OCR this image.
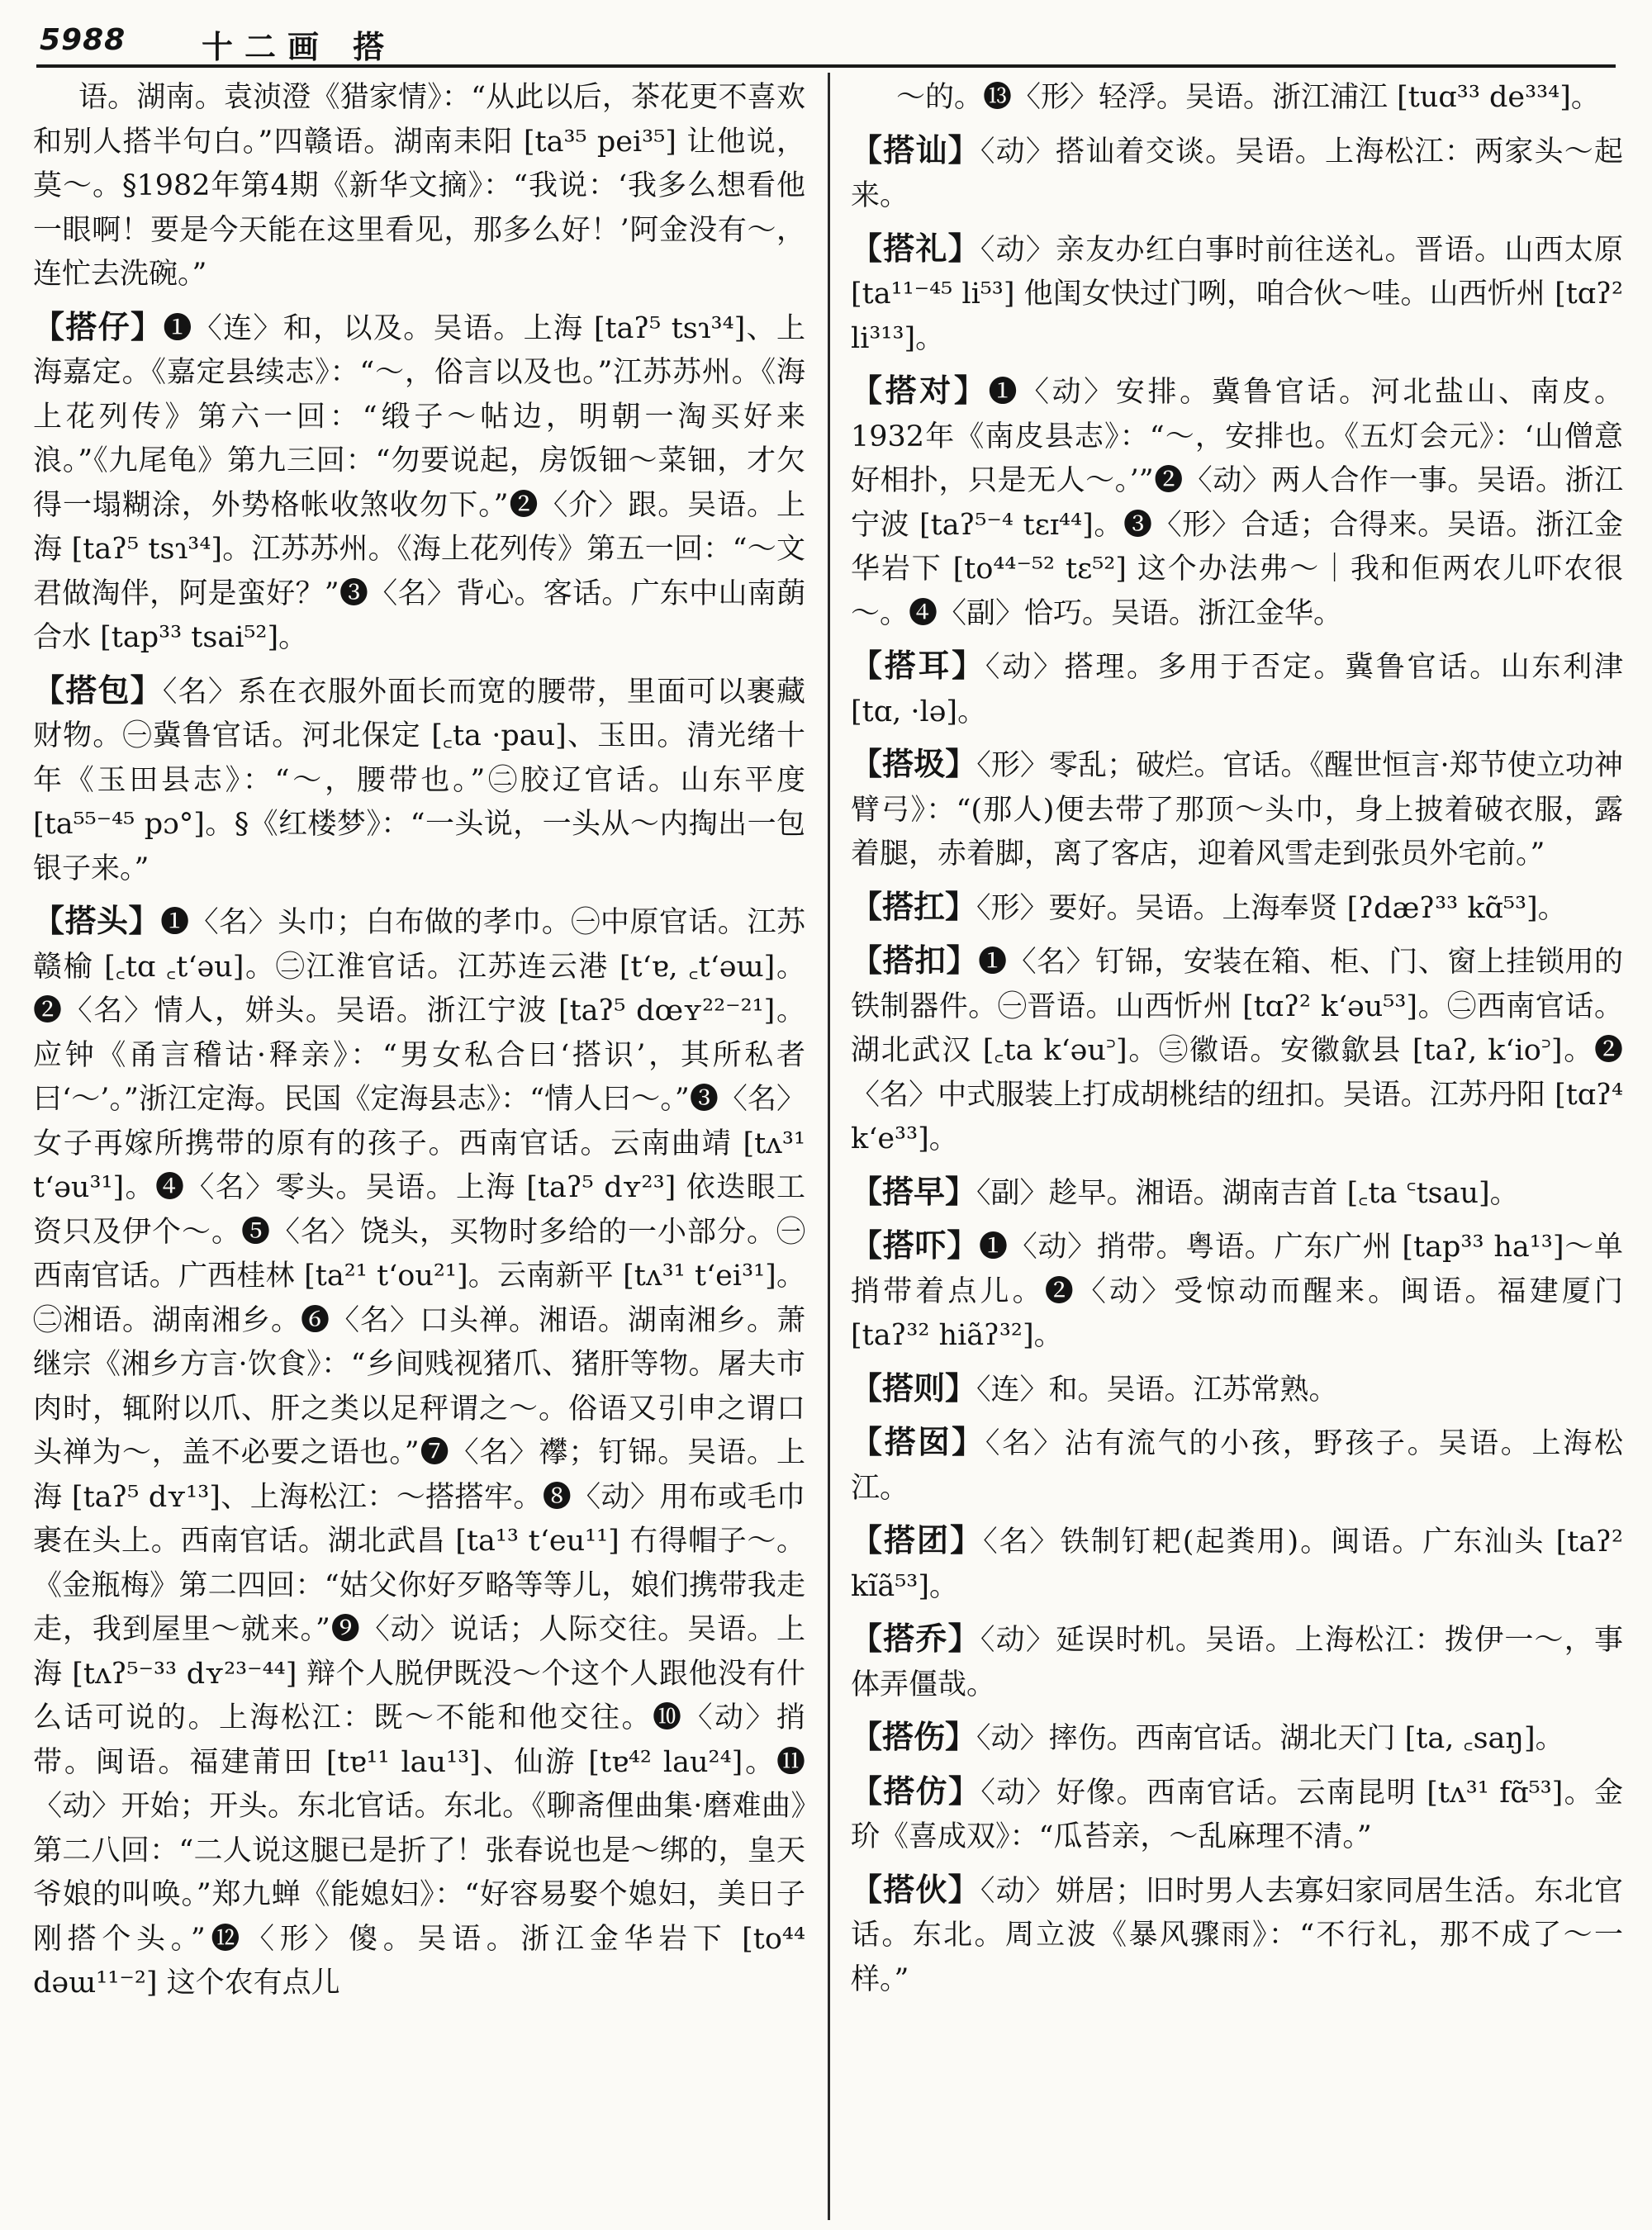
5988 十二画 搭
语。湖南。袁浈澄《猎家情》：“从此以后，茶花更不喜欢和别人搭半句白。”四赣语。湖南耒阳 [ta³⁵ pei³⁵] 让他说，莫～。§1982年第4期《新华文摘》：“我说：‘我多么想看他一眼啊！要是今天能在这里看见，那多么好！’阿金没有～，连忙去洗碗。”
【搭仔】❶〈连〉和，以及。吴语。上海 [taʔ⁵ tsɿ³⁴]、上海嘉定。《嘉定县续志》：“～，俗言以及也。”江苏苏州。《海上花列传》第六一回：“缎子～帖边，明朝一淘买好来浪。”《九尾龟》第九三回：“勿要说起，房饭钿～菜钿，才欠得一塌糊涂，外势格帐收煞收勿下。”❷〈介〉跟。吴语。上海 [taʔ⁵ tsɿ³⁴]。江苏苏州。《海上花列传》第五一回：“～文君做淘伴，阿是蛮好？”❸〈名〉背心。客话。广东中山南蓢合水 [tap³³ tsai⁵²]。
【搭包】〈名〉系在衣服外面长而宽的腰带，里面可以裹藏财物。㊀冀鲁官话。河北保定 [꜀ta ·pau]、玉田。清光绪十年《玉田县志》：“～，腰带也。”㊁胶辽官话。山东平度 [ta⁵⁵⁻⁴⁵ pɔ°]。§《红楼梦》：“一头说，一头从～内掏出一包银子来。”
【搭头】❶〈名〉头巾；白布做的孝巾。㊀中原官话。江苏赣榆 [꜀tɑ ꜀t‘əu]。㊁江淮官话。江苏连云港 [t‘ɐ, ꜀t‘əɯ]。❷〈名〉情人，姘头。吴语。浙江宁波 [taʔ⁵ dœʏ²²⁻²¹]。应钟《甬言稽诂·释亲》：“男女私合曰‘搭识’，其所私者曰‘～’。”浙江定海。民国《定海县志》：“情人曰～。”❸〈名〉女子再嫁所携带的原有的孩子。西南官话。云南曲靖 [tʌ³¹ t‘əu³¹]。❹〈名〉零头。吴语。上海 [taʔ⁵ dʏ²³] 依迭眼工资只及伊个～。❺〈名〉饶头，买物时多给的一小部分。㊀西南官话。广西桂林 [ta²¹ t‘ou²¹]。云南新平 [tʌ³¹ t‘ei³¹]。㊁湘语。湖南湘乡。❻〈名〉口头禅。湘语。湖南湘乡。萧继宗《湘乡方言·饮食》：“乡间贱视猪爪、猪肝等物。屠夫市肉时，辄附以爪、肝之类以足秤谓之～。俗语又引申之谓口头禅为～，盖不必要之语也。”❼〈名〉襻；钉铞。吴语。上海 [taʔ⁵ dʏ¹³]、上海松江：～搭搭牢。❽〈动〉用布或毛巾裹在头上。西南官话。湖北武昌 [ta¹³ t‘eu¹¹] 冇得帽子～。《金瓶梅》第二四回：“姑父你好歹略等等儿，娘们携带我走走，我到屋里～就来。”❾〈动〉说话；人际交往。吴语。上海 [tʌʔ⁵⁻³³ dʏ²³⁻⁴⁴] 辩个人脱伊既没～个这个人跟他没有什么话可说的。上海松江：既～不能和他交往。❿〈动〉捎带。闽语。福建莆田 [tɐ¹¹ lau¹³]、仙游 [tɐ⁴² lau²⁴]。⓫〈动〉开始；开头。东北官话。东北。《聊斋俚曲集·磨难曲》第二八回：“二人说这腿已是折了！张春说也是～绑的，皇天爷娘的叫唤。”郑九蝉《能媳妇》：“好容易娶个媳妇，美日子刚搭个头。”⓬〈形〉傻。吴语。浙江金华岩下 [to⁴⁴ dəɯ¹¹⁻²] 这个农有点儿
～的。⓭〈形〉轻浮。吴语。浙江浦江 [tuɑ³³ de³³⁴]。
【搭讪】〈动〉搭讪着交谈。吴语。上海松江：两家头～起来。
【搭礼】〈动〉亲友办红白事时前往送礼。晋语。山西太原 [ta¹¹⁻⁴⁵ li⁵³] 他闺女快过门咧，咱合伙～哇。山西忻州 [tɑʔ² li³¹³]。
【搭对】❶〈动〉安排。冀鲁官话。河北盐山、南皮。1932年《南皮县志》：“～，安排也。《五灯会元》：‘山僧意好相扑，只是无人～。’”❷〈动〉两人合作一事。吴语。浙江宁波 [taʔ⁵⁻⁴ tɛɪ⁴⁴]。❸〈形〉合适；合得来。吴语。浙江金华岩下 [to⁴⁴⁻⁵² tɛ⁵²] 这个办法弗～｜我和佢两农儿吓农很～。❹〈副〉恰巧。吴语。浙江金华。
【搭耳】〈动〉搭理。多用于否定。冀鲁官话。山东利津 [tɑ, ·lə]。
【搭圾】〈形〉零乱；破烂。官话。《醒世恒言·郑节使立功神臂弓》：“(那人)便去带了那顶～头巾，身上披着破衣服，露着腿，赤着脚，离了客店，迎着风雪走到张员外宅前。”
【搭扛】〈形〉要好。吴语。上海奉贤 [ʔdæʔ³³ kɑ̃⁵³]。
【搭扣】❶〈名〉钉铞，安装在箱、柜、门、窗上挂锁用的铁制器件。㊀晋语。山西忻州 [tɑʔ² k‘əu⁵³]。㊁西南官话。湖北武汉 [꜀ta k‘əu꜄]。㊂徽语。安徽歙县 [taʔ, k‘io꜄]。❷〈名〉中式服装上打成胡桃结的纽扣。吴语。江苏丹阳 [tɑʔ⁴ k‘e³³]。
【搭早】〈副〉趁早。湘语。湖南吉首 [꜀ta ꜂tsau]。
【搭吓】❶〈动〉捎带。粤语。广东广州 [tap³³ ha¹³]～单捎带着点儿。❷〈动〉受惊动而醒来。闽语。福建厦门 [taʔ³² hiãʔ³²]。
【搭则】〈连〉和。吴语。江苏常熟。
【搭囡】〈名〉沾有流气的小孩，野孩子。吴语。上海松江。
【搭团】〈名〉铁制钉耙(起粪用)。闽语。广东汕头 [taʔ² kĩã⁵³]。
【搭乔】〈动〉延误时机。吴语。上海松江：拨伊一～，事体弄僵哉。
【搭伤】〈动〉摔伤。西南官话。湖北天门 [ta, ꜀saŋ]。
【搭仿】〈动〉好像。西南官话。云南昆明 [tʌ³¹ fɑ̃⁵³]。金玠《喜成双》：“瓜苔亲，～乱麻理不清。”
【搭伙】〈动〉姘居；旧时男人去寡妇家同居生活。东北官话。东北。周立波《暴风骤雨》：“不行礼，那不成了～一样。”
